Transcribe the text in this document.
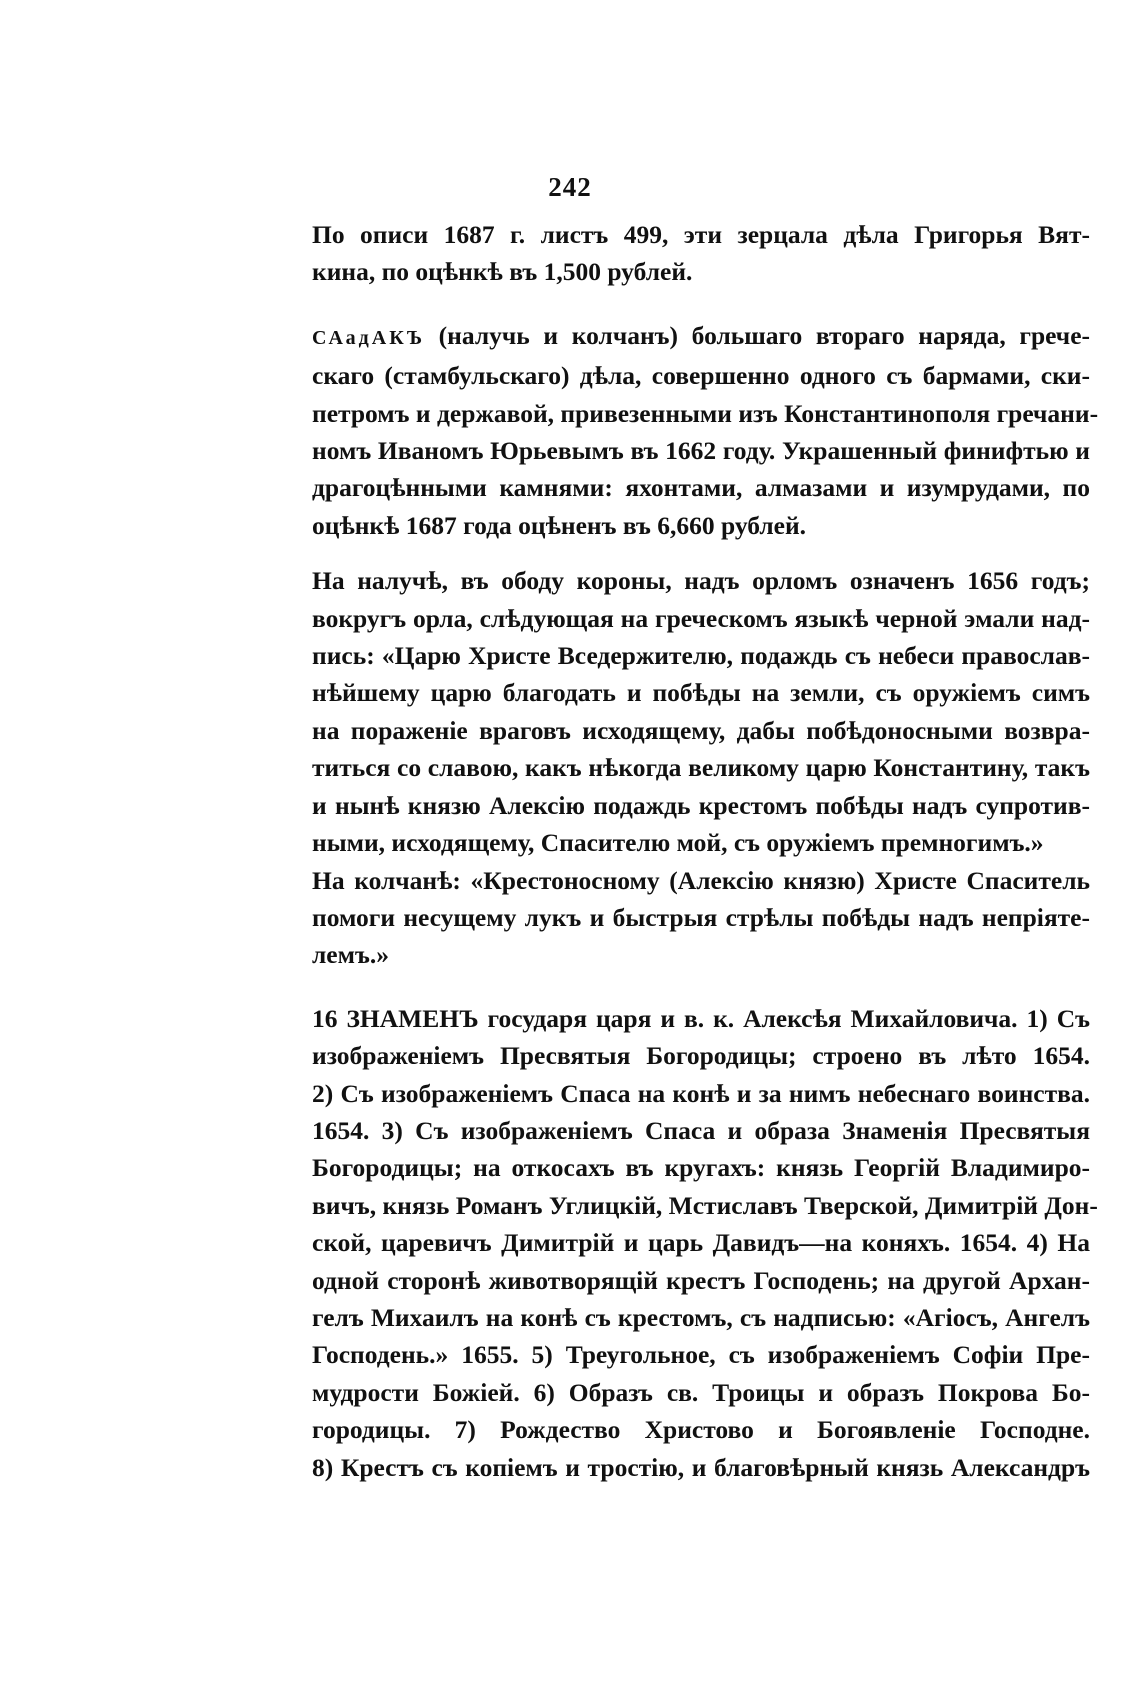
242

По описи 1687 г. листъ 499, эти зерцала дѣла Григорья Вят-
кина, по оцѣнкѣ въ 1,500 рублей.

САадАКЪ (налучь и колчанъ) большаго втораго наряда, грече-
скаго (стамбульскаго) дѣла, совершенно одного съ бармами, ски-
петромъ и державой, привезенными изъ Константинополя гречани-
номъ Иваномъ Юрьевымъ въ 1662 году. Украшенный финифтью и
драгоцѣнными камнями: яхонтами, алмазами и изумрудами, по
оцѣнкѣ 1687 года оцѣненъ въ 6,660 рублей.

На налучѣ, въ ободу короны, надъ орломъ означенъ 1656 годъ;
вокругъ орла, слѣдующая на греческомъ языкѣ черной эмали над-
пись: «Царю Христе Вседержителю, подаждь съ небеси православ-
нѣйшему царю благодать и побѣды на земли, съ оружіемъ симъ
на пораженіе враговъ исходящему, дабы побѣдоносными возвра-
титься со славою, какъ нѣкогда великому царю Константину, такъ
и нынѣ князю Алексію подаждь крестомъ побѣды надъ супротив-
ными, исходящему, Спасителю мой, съ оружіемъ премногимъ.»

На колчанѣ: «Крестоносному (Алексію князю) Христе Спаситель
помоги несущему лукъ и быстрыя стрѣлы побѣды надъ непріяте-
лемъ.»

16 ЗНАМЕНЪ государя царя и в. к. Алексѣя Михайловича. 1) Съ
изображеніемъ Пресвятыя Богородицы; строено въ лѣто 1654.
2) Съ изображеніемъ Спаса на конѣ и за нимъ небеснаго воинства.
1654. 3) Съ изображеніемъ Спаса и образа Знаменія Пресвятыя
Богородицы; на откосахъ въ кругахъ: князь Георгій Владимиро-
вичъ, князь Романъ Углицкій, Мстиславъ Тверской, Димитрій Дон-
ской, царевичъ Димитрій и царь Давидъ—на коняхъ. 1654. 4) На
одной сторонѣ животворящій крестъ Господень; на другой Архан-
гелъ Михаилъ на конѣ съ крестомъ, съ надписью: «Агіосъ, Ангелъ
Господень.» 1655. 5) Треугольное, съ изображеніемъ Софіи Пре-
мудрости Божіей. 6) Образъ св. Троицы и образъ Покрова Бо-
городицы. 7) Рождество Христово и Богоявленіе Господне.
8) Крестъ съ копіемъ и тростію, и благовѣрный князь Александръ
